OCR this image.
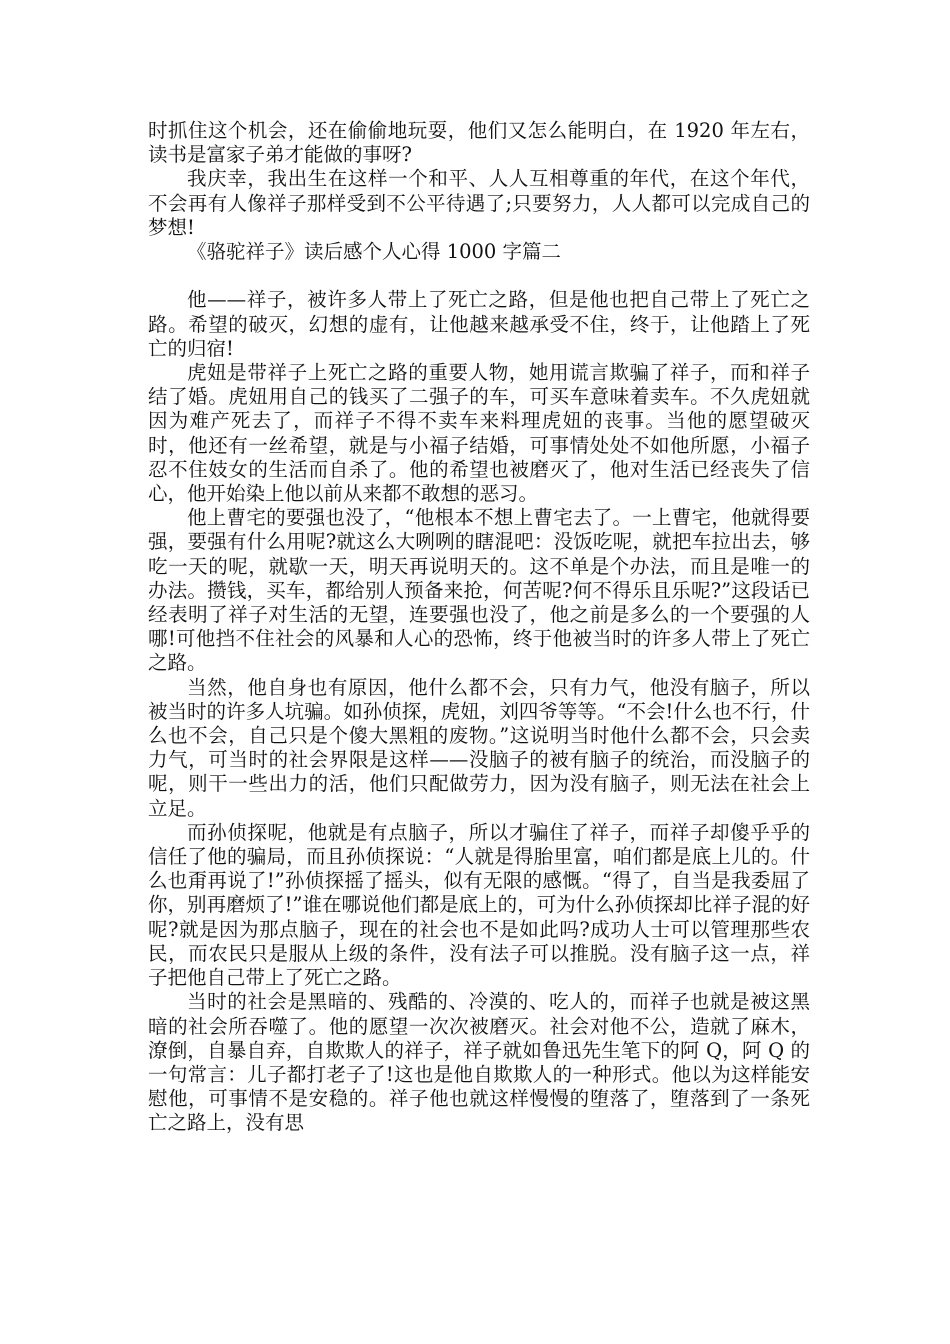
时抓住这个机会，还在偷偷地玩耍，他们又怎么能明白，在 1920 年左右，读书是富家子弟才能做的事呀?

我庆幸，我出生在这样一个和平、人人互相尊重的年代，在这个年代，不会再有人像祥子那样受到不公平待遇了;只要努力，人人都可以完成自己的梦想!

《骆驼祥子》读后感个人心得 1000 字篇二

他——祥子，被许多人带上了死亡之路，但是他也把自己带上了死亡之路。希望的破灭，幻想的虚有，让他越来越承受不住，终于，让他踏上了死亡的归宿!

虎妞是带祥子上死亡之路的重要人物，她用谎言欺骗了祥子，而和祥子结了婚。虎妞用自己的钱买了二强子的车，可买车意味着卖车。不久虎妞就因为难产死去了，而祥子不得不卖车来料理虎妞的丧事。当他的愿望破灭时，他还有一丝希望，就是与小福子结婚，可事情处处不如他所愿，小福子忍不住妓女的生活而自杀了。他的希望也被磨灭了，他对生活已经丧失了信心，他开始染上他以前从来都不敢想的恶习。

他上曹宅的要强也没了，“他根本不想上曹宅去了。一上曹宅，他就得要强，要强有什么用呢?就这么大咧咧的瞎混吧：没饭吃呢，就把车拉出去，够吃一天的呢，就歇一天，明天再说明天的。这不单是个办法，而且是唯一的办法。攒钱，买车，都给别人预备来抢，何苦呢?何不得乐且乐呢?”这段话已经表明了祥子对生活的无望，连要强也没了，他之前是多么的一个要强的人哪!可他挡不住社会的风暴和人心的恐怖，终于他被当时的许多人带上了死亡之路。

当然，他自身也有原因，他什么都不会，只有力气，他没有脑子，所以被当时的许多人坑骗。如孙侦探，虎妞，刘四爷等等。“不会!什么也不行，什么也不会，自己只是个傻大黑粗的废物。”这说明当时他什么都不会，只会卖力气，可当时的社会界限是这样——没脑子的被有脑子的统治，而没脑子的呢，则干一些出力的活，他们只配做劳力，因为没有脑子，则无法在社会上立足。

而孙侦探呢，他就是有点脑子，所以才骗住了祥子，而祥子却傻乎乎的信任了他的骗局，而且孙侦探说：“人就是得胎里富，咱们都是底上儿的。什么也甭再说了!”孙侦探摇了摇头，似有无限的感慨。“得了，自当是我委屈了你，别再磨烦了!”谁在哪说他们都是底上的，可为什么孙侦探却比祥子混的好呢?就是因为那点脑子，现在的社会也不是如此吗?成功人士可以管理那些农民，而农民只是服从上级的条件，没有法子可以推脱。没有脑子这一点，祥子把他自己带上了死亡之路。

当时的社会是黑暗的、残酷的、冷漠的、吃人的，而祥子也就是被这黑暗的社会所吞噬了。他的愿望一次次被磨灭。社会对他不公，造就了麻木，潦倒，自暴自弃，自欺欺人的祥子，祥子就如鲁迅先生笔下的阿 Q，阿 Q 的一句常言：儿子都打老子了!这也是他自欺欺人的一种形式。他以为这样能安慰他，可事情不是安稳的。祥子他也就这样慢慢的堕落了，堕落到了一条死亡之路上，没有思
